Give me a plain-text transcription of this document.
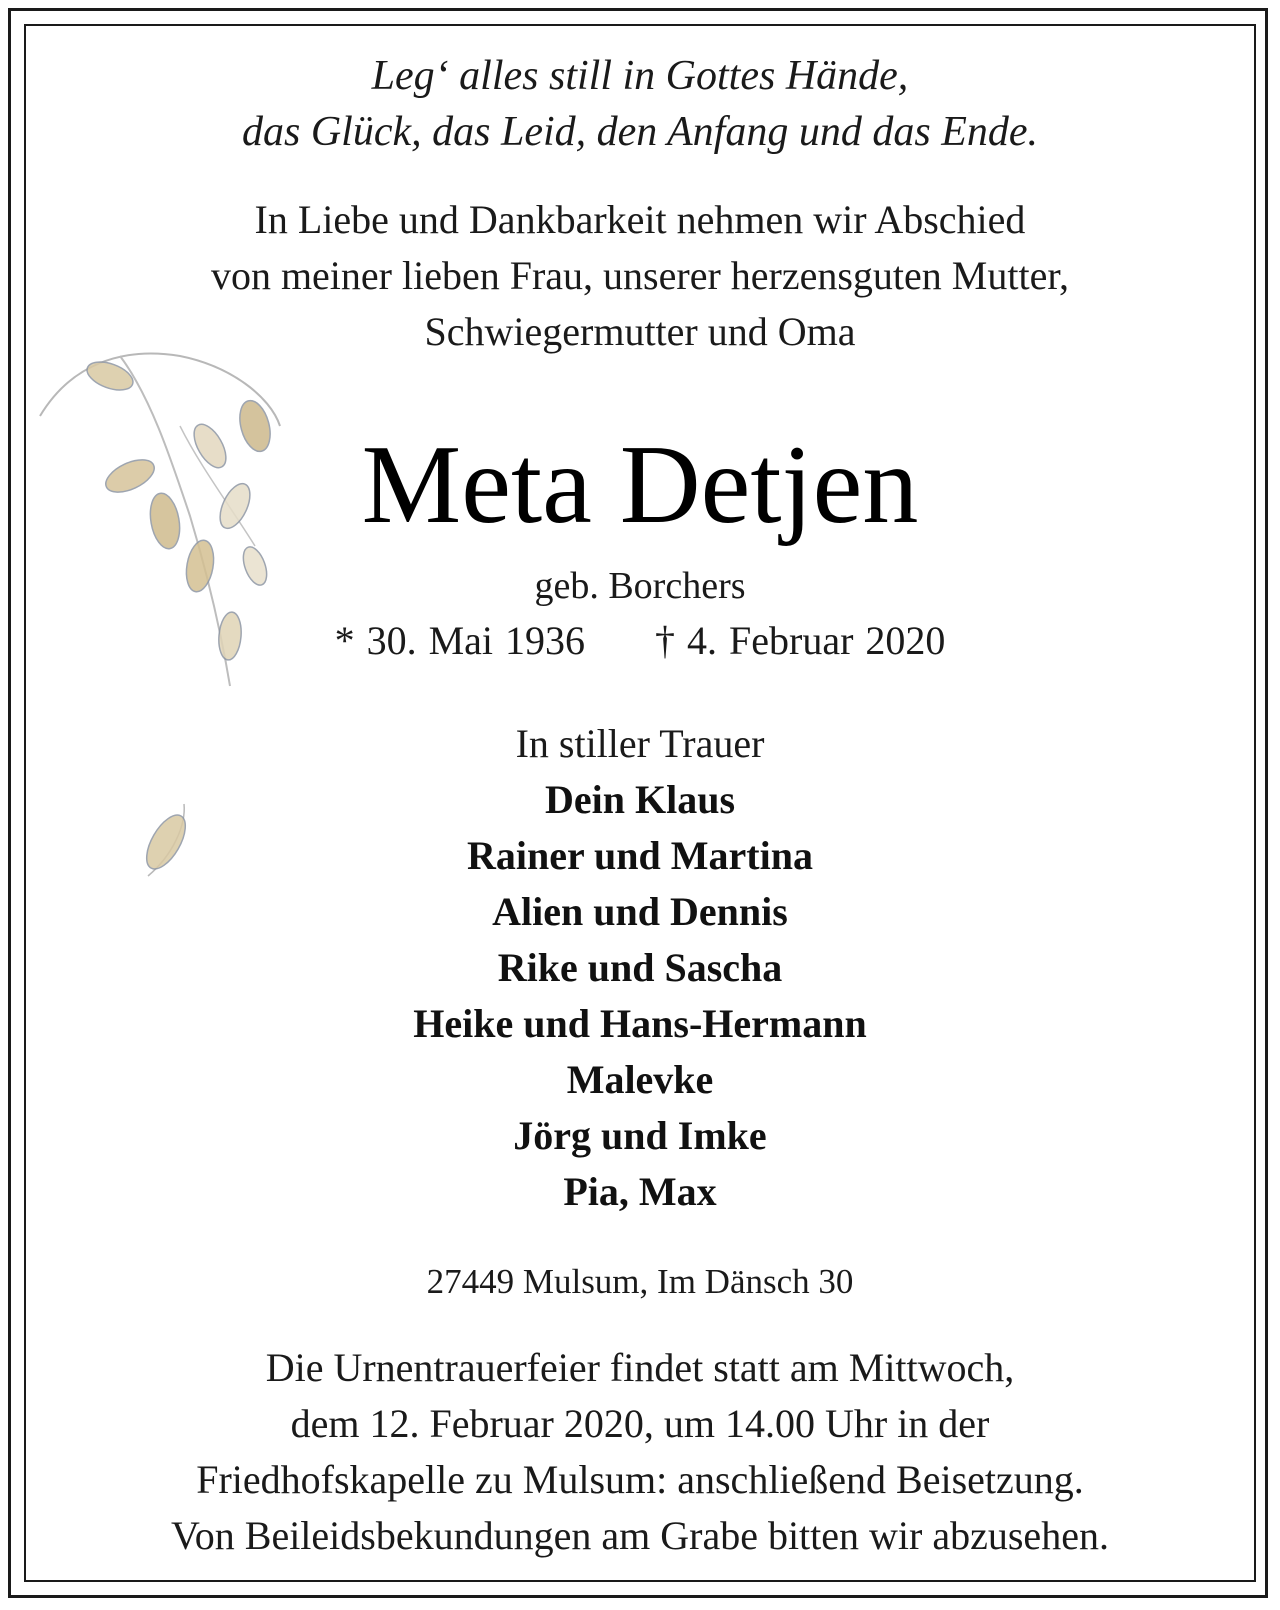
Leg‘ alles still in Gottes Hände,
das Glück, das Leid, den Anfang und das Ende.
In Liebe und Dankbarkeit nehmen wir Abschied
von meiner lieben Frau, unserer herzensguten Mutter,
Schwiegermutter und Oma
Meta Detjen
geb. Borchers
* 30. Mai 1936 † 4. Februar 2020
In stiller Trauer
Dein Klaus
Rainer und Martina
Alien und Dennis
Rike und Sascha
Heike und Hans-Hermann
Malevke
Jörg und Imke
Pia, Max
27449 Mulsum, Im Dänsch 30
Die Urnentrauerfeier findet statt am Mittwoch,
dem 12. Februar 2020, um 14.00 Uhr in der
Friedhofskapelle zu Mulsum: anschließend Beisetzung.
Von Beileidsbekundungen am Grabe bitten wir abzusehen.
